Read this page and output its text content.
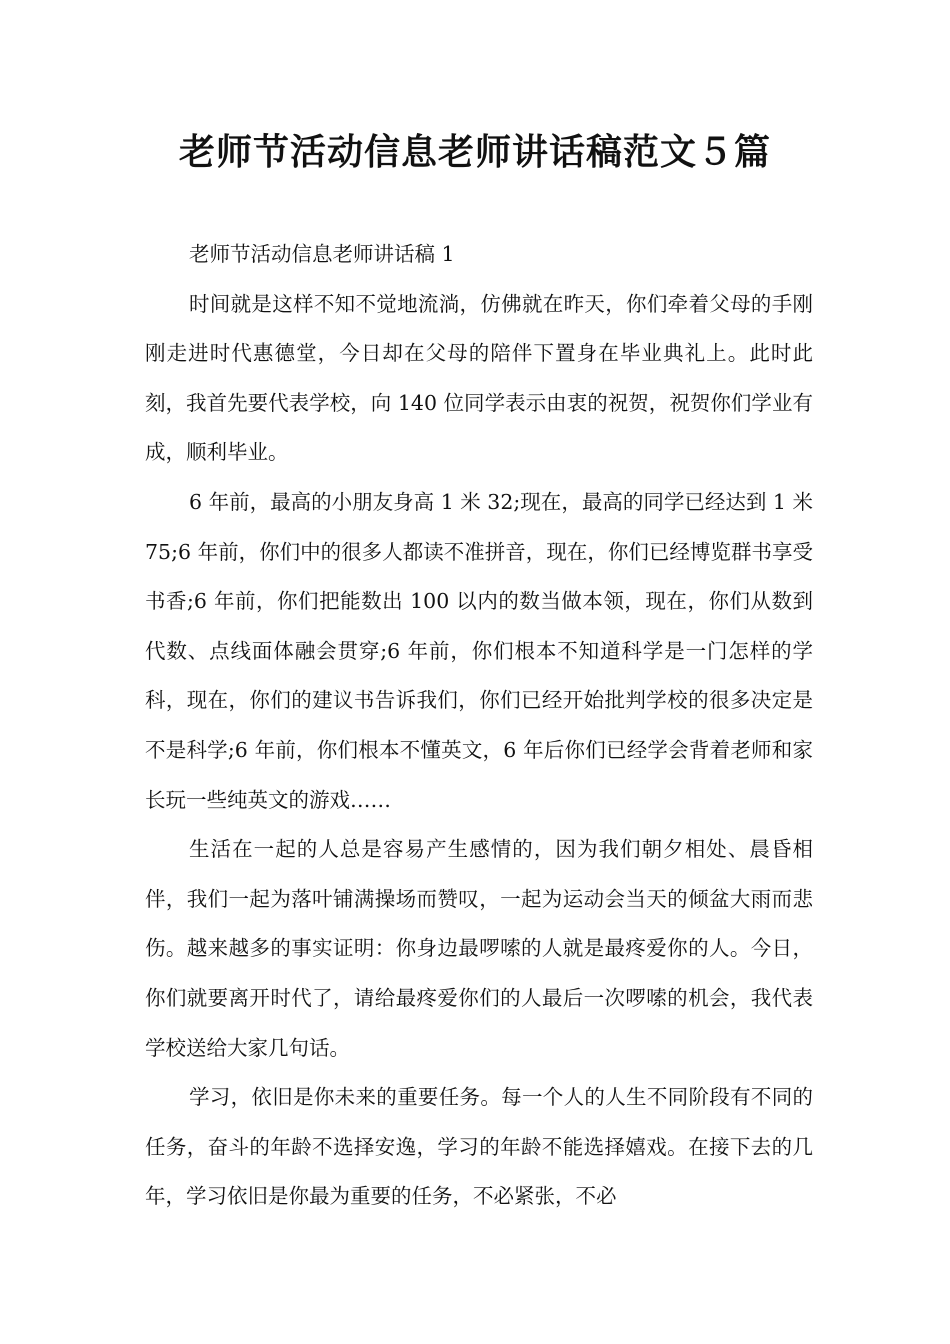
老师节活动信息老师讲话稿范文５篇

老师节活动信息老师讲话稿 1

时间就是这样不知不觉地流淌，仿佛就在昨天，你们牵着父母的手刚刚走进时代惠德堂，今日却在父母的陪伴下置身在毕业典礼上。此时此刻，我首先要代表学校，向 140 位同学表示由衷的祝贺，祝贺你们学业有成，顺利毕业。

6 年前，最高的小朋友身高 1 米 32;现在，最高的同学已经达到 1 米 75;6 年前，你们中的很多人都读不准拼音，现在，你们已经博览群书享受书香;6 年前，你们把能数出 100 以内的数当做本领，现在，你们从数到代数、点线面体融会贯穿;6 年前，你们根本不知道科学是一门怎样的学科，现在，你们的建议书告诉我们，你们已经开始批判学校的很多决定是不是科学;6 年前，你们根本不懂英文，6 年后你们已经学会背着老师和家长玩一些纯英文的游戏……

生活在一起的人总是容易产生感情的，因为我们朝夕相处、晨昏相伴，我们一起为落叶铺满操场而赞叹，一起为运动会当天的倾盆大雨而悲伤。越来越多的事实证明：你身边最啰嗦的人就是最疼爱你的人。今日，你们就要离开时代了，请给最疼爱你们的人最后一次啰嗦的机会，我代表学校送给大家几句话。

学习，依旧是你未来的重要任务。每一个人的人生不同阶段有不同的任务，奋斗的年龄不选择安逸，学习的年龄不能选择嬉戏。在接下去的几年，学习依旧是你最为重要的任务，不必紧张，不必
